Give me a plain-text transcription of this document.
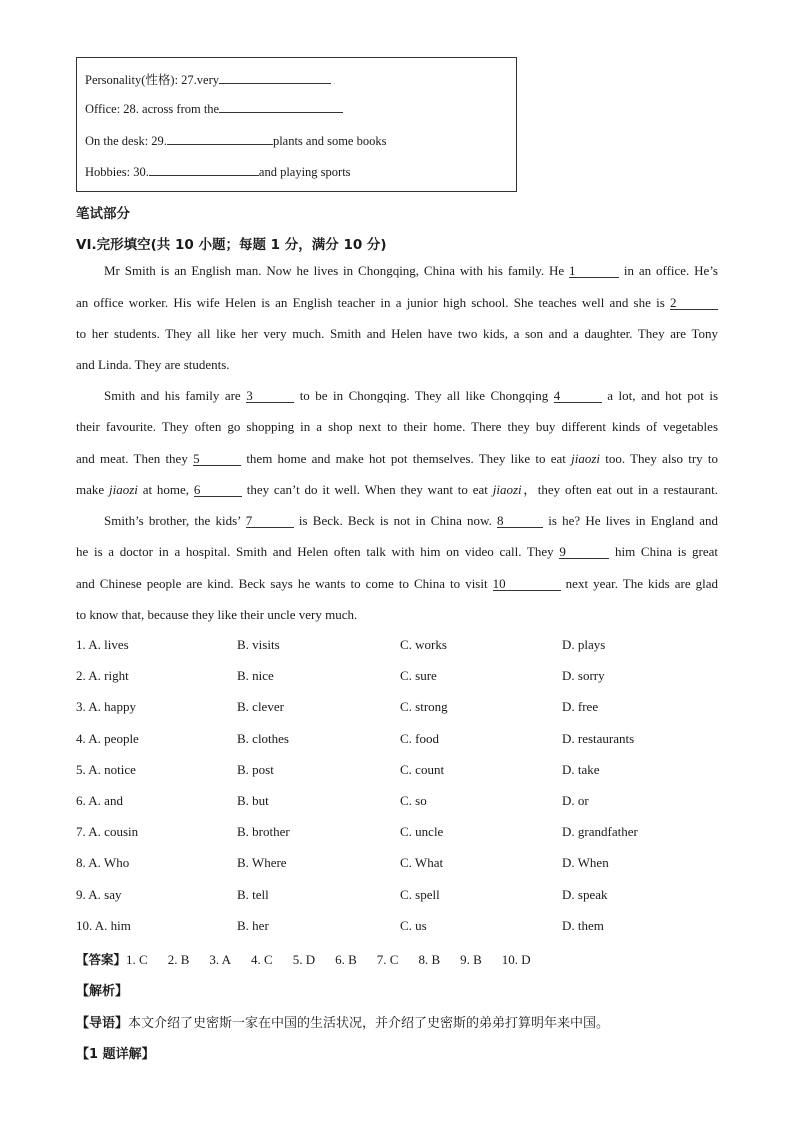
Personality(性格): 27.very
Office: 28. across from the
On the desk: 29.	plants and some books
Hobbies: 30.	and playing sports
笔试部分
VI.完形填空(共 10 小题；每题 1 分，满分 10 分)
Mr Smith is an English man. Now he lives in Chongqing, China with his family. He 1	in an office. He’s
an office worker. His wife Helen is an English teacher in a junior high school. She teaches well and she is 2
to her students. They all like her very much. Smith and Helen have two kids, a son and a daughter. They are Tony
and Linda. They are students.
Smith and his family are 3	to be in Chongqing. They all like Chongqing 4	a lot, and hot pot is
their favourite. They often go shopping in a shop next to their home. There they buy different kinds of vegetables
and meat. Then they 5	them home and make hot pot themselves. They like to eat jiaozi too. They also try to
make jiaozi at home, 6	they can’t do it well. When they want to eat jiaozi，they often eat out in a restaurant.
Smith’s brother, the kids’ 7	is Beck. Beck is not in China now. 8	is he? He lives in England and
he is a doctor in a hospital. Smith and Helen often talk with him on video call. They 9	him China is great
and Chinese people are kind. Beck says he wants to come to China to visit 10	next year. The kids are glad
to know that, because they like their uncle very much.
1. A. lives	B. visits	C. works	D. plays
2. A. right	B. nice	C. sure	D. sorry
3. A. happy	B. clever	C. strong	D. free
4. A. people	B. clothes	C. food	D. restaurants
5. A. notice	B. post	C. count	D. take
6. A. and	B. but	C. so	D. or
7. A. cousin	B. brother	C. uncle	D. grandfather
8. A. Who	B. Where	C. What	D. When
9. A. say	B. tell	C. spell	D. speak
10. A. him	B. her	C. us	D. them
【答案】1. C 2. B 3. A 4. C 5. D 6. B 7. C 8. B 9. B 10. D
【解析】
【导语】本文介绍了史密斯一家在中国的生活状况，并介绍了史密斯的弟弟打算明年来中国。
【1 题详解】
